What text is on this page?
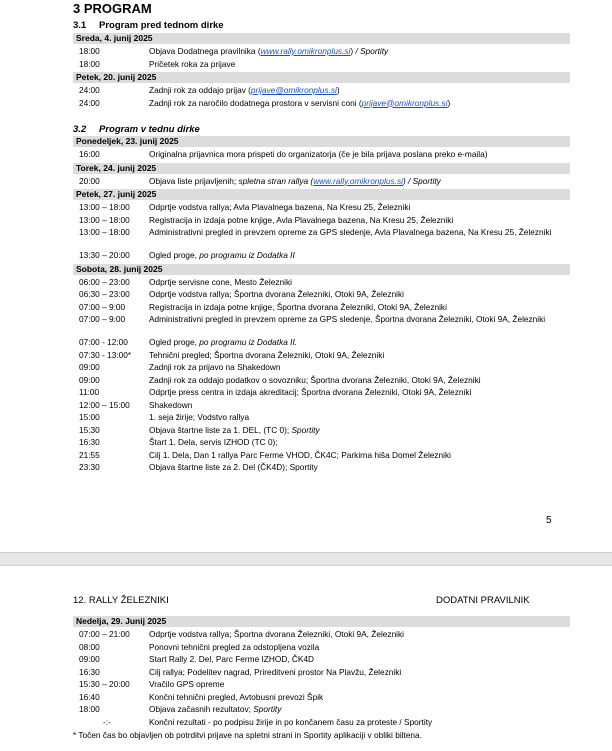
3 PROGRAM
3.1 Program pred tednom dirke
Sreda, 4. junij 2025
18:00	Objava Dodatnega pravilnika (www.rally.omikronplus.si) / Sportity
18:00	Pričetek roka za prijave
Petek, 20. junij 2025
24:00	Zadnji rok za oddajo prijav (prijave@omikronplus.si)
24:00	Zadnji rok za naročilo dodatnega prostora v servisni coni (prijave@omikronplus.si)
3.2 Program v tednu dirke
Ponedeljek, 23. junij 2025
16:00	Originalna prijavnica mora prispeti do organizatorja (če je bila prijava poslana preko e-maila)
Torek, 24. junij 2025
20:00	Objava liste prijavljenih; spletna stran rallya (www.rally.omikronplus.si) / Sportity
Petek, 27. junij 2025
13:00 – 18:00 Odprtje vodstva rallya; Avla Plavalnega bazena, Na Kresu 25, Železniki
13:00 – 18:00 Registracija in izdaja potne knjige, Avla Plavalnega bazena, Na Kresu 25, Železniki
13:00 – 18:00 Administrativni pregled in prevzem opreme za GPS sledenje, Avla Plavalnega bazena, Na Kresu 25, Železniki
13:30 – 20:00 Ogled proge, po programu iz Dodatka II
Sobota, 28. junij 2025
06:00 – 23:00 Odprtje servisne cone, Mesto Železniki
06:30 – 23:00 Odprtje vodstva rallya; Športna dvorana Železniki, Otoki 9A, Železniki
07:00 – 9:00	Registracija in izdaja potne knjige, Športna dvorana Železniki, Otoki 9A, Železniki
07:00 – 9:00	Administrativni pregled in prevzem opreme za GPS sledenje, Športna dvorana Železniki, Otoki 9A, Železniki
07:00 - 12:00	Ogled proge, po programu iz Dodatka II.
07:30 - 13:00* Tehnični pregled; Športna dvorana Železniki, Otoki 9A, Železniki
09:00	Zadnji rok za prijavo na Shakedown
09:00	Zadnji rok za oddajo podatkov o sovozniku; Športna dvorana Železniki, Otoki 9A, Železniki
11:00	Odprtje press centra in izdaja akreditacij; Športna dvorana Železniki, Otoki 9A, Železniki
12:00 – 15:00 Shakedown
15:00	1. seja žirije; Vodstvo rallya
15:30	Objava štartne liste za 1. DEL, (TC 0); Sportity
16:30	Štart 1. Dela, servis IZHOD (TC 0);
21:55	Cilj 1. Dela, Dan 1 rallya Parc Ferme VHOD, ČK4C; Parkirna hiša Domel Železniki
23:30	Objava štartne liste za 2. Del (ČK4D); Sportity
5
12. RALLY ŽELEZNIKI	DODATNI PRAVILNIK
Nedelja, 29. Junij 2025
07:00 – 21:00 Odprtje vodstva rallya; Športna dvorana Železniki, Otoki 9A, Železniki
08:00	Ponovni tehnični pregled za odstopljena vozila
09:00	Start Rally 2. Del, Parc Ferme IZHOD, ČK4D
16:30	Cilj rallya; Podelitev nagrad, Prireditveni prostor Na Plavžu, Železniki
15:30 – 20:00 Vračilo GPS opreme
16:40	Končni tehnični pregled, Avtobusni prevozi Špik
18:00	Objava začasnih rezultatov; Sportity
-:-	Končni rezultati - po podpisu žirije in po končanem času za proteste / Sportity
* Točen čas bo objavljen ob potrditvi prijave na spletni strani in Sportity aplikaciji v obliki biltena.
